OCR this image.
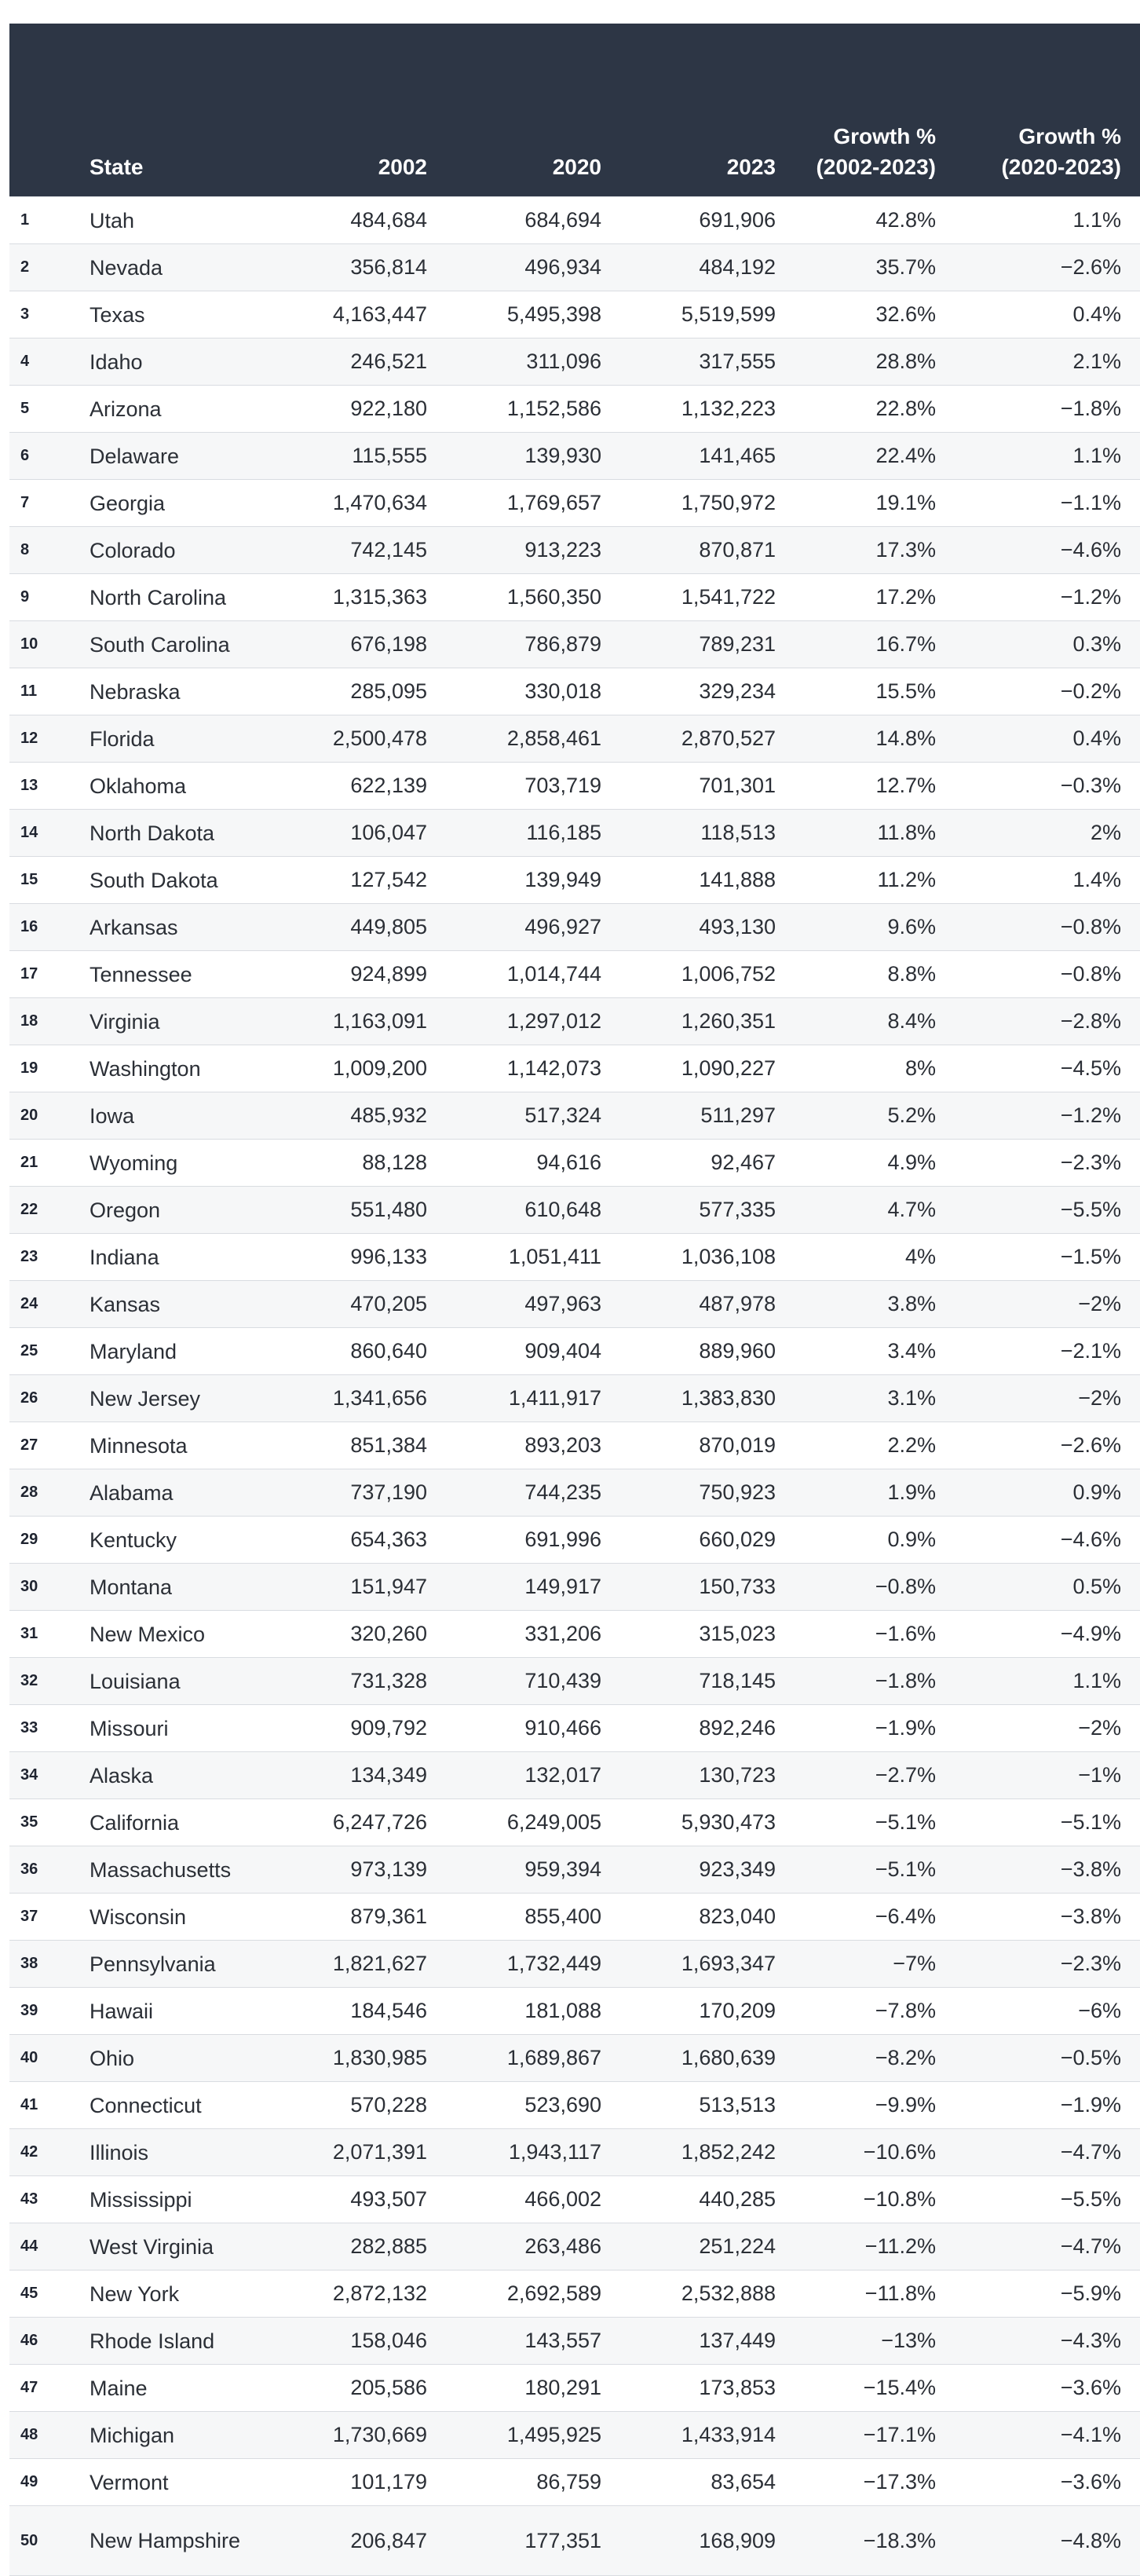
	State	2002	2020	2023	Growth % (2002-2023)	Growth % (2020-2023)
1	Utah	484,684	684,694	691,906	42.8%	1.1%
2	Nevada	356,814	496,934	484,192	35.7%	−2.6%
3	Texas	4,163,447	5,495,398	5,519,599	32.6%	0.4%
4	Idaho	246,521	311,096	317,555	28.8%	2.1%
5	Arizona	922,180	1,152,586	1,132,223	22.8%	−1.8%
6	Delaware	115,555	139,930	141,465	22.4%	1.1%
7	Georgia	1,470,634	1,769,657	1,750,972	19.1%	−1.1%
8	Colorado	742,145	913,223	870,871	17.3%	−4.6%
9	North Carolina	1,315,363	1,560,350	1,541,722	17.2%	−1.2%
10	South Carolina	676,198	786,879	789,231	16.7%	0.3%
11	Nebraska	285,095	330,018	329,234	15.5%	−0.2%
12	Florida	2,500,478	2,858,461	2,870,527	14.8%	0.4%
13	Oklahoma	622,139	703,719	701,301	12.7%	−0.3%
14	North Dakota	106,047	116,185	118,513	11.8%	2%
15	South Dakota	127,542	139,949	141,888	11.2%	1.4%
16	Arkansas	449,805	496,927	493,130	9.6%	−0.8%
17	Tennessee	924,899	1,014,744	1,006,752	8.8%	−0.8%
18	Virginia	1,163,091	1,297,012	1,260,351	8.4%	−2.8%
19	Washington	1,009,200	1,142,073	1,090,227	8%	−4.5%
20	Iowa	485,932	517,324	511,297	5.2%	−1.2%
21	Wyoming	88,128	94,616	92,467	4.9%	−2.3%
22	Oregon	551,480	610,648	577,335	4.7%	−5.5%
23	Indiana	996,133	1,051,411	1,036,108	4%	−1.5%
24	Kansas	470,205	497,963	487,978	3.8%	−2%
25	Maryland	860,640	909,404	889,960	3.4%	−2.1%
26	New Jersey	1,341,656	1,411,917	1,383,830	3.1%	−2%
27	Minnesota	851,384	893,203	870,019	2.2%	−2.6%
28	Alabama	737,190	744,235	750,923	1.9%	0.9%
29	Kentucky	654,363	691,996	660,029	0.9%	−4.6%
30	Montana	151,947	149,917	150,733	−0.8%	0.5%
31	New Mexico	320,260	331,206	315,023	−1.6%	−4.9%
32	Louisiana	731,328	710,439	718,145	−1.8%	1.1%
33	Missouri	909,792	910,466	892,246	−1.9%	−2%
34	Alaska	134,349	132,017	130,723	−2.7%	−1%
35	California	6,247,726	6,249,005	5,930,473	−5.1%	−5.1%
36	Massachusetts	973,139	959,394	923,349	−5.1%	−3.8%
37	Wisconsin	879,361	855,400	823,040	−6.4%	−3.8%
38	Pennsylvania	1,821,627	1,732,449	1,693,347	−7%	−2.3%
39	Hawaii	184,546	181,088	170,209	−7.8%	−6%
40	Ohio	1,830,985	1,689,867	1,680,639	−8.2%	−0.5%
41	Connecticut	570,228	523,690	513,513	−9.9%	−1.9%
42	Illinois	2,071,391	1,943,117	1,852,242	−10.6%	−4.7%
43	Mississippi	493,507	466,002	440,285	−10.8%	−5.5%
44	West Virginia	282,885	263,486	251,224	−11.2%	−4.7%
45	New York	2,872,132	2,692,589	2,532,888	−11.8%	−5.9%
46	Rhode Island	158,046	143,557	137,449	−13%	−4.3%
47	Maine	205,586	180,291	173,853	−15.4%	−3.6%
48	Michigan	1,730,669	1,495,925	1,433,914	−17.1%	−4.1%
49	Vermont	101,179	86,759	83,654	−17.3%	−3.6%
50	New Hampshire	206,847	177,351	168,909	−18.3%	−4.8%
